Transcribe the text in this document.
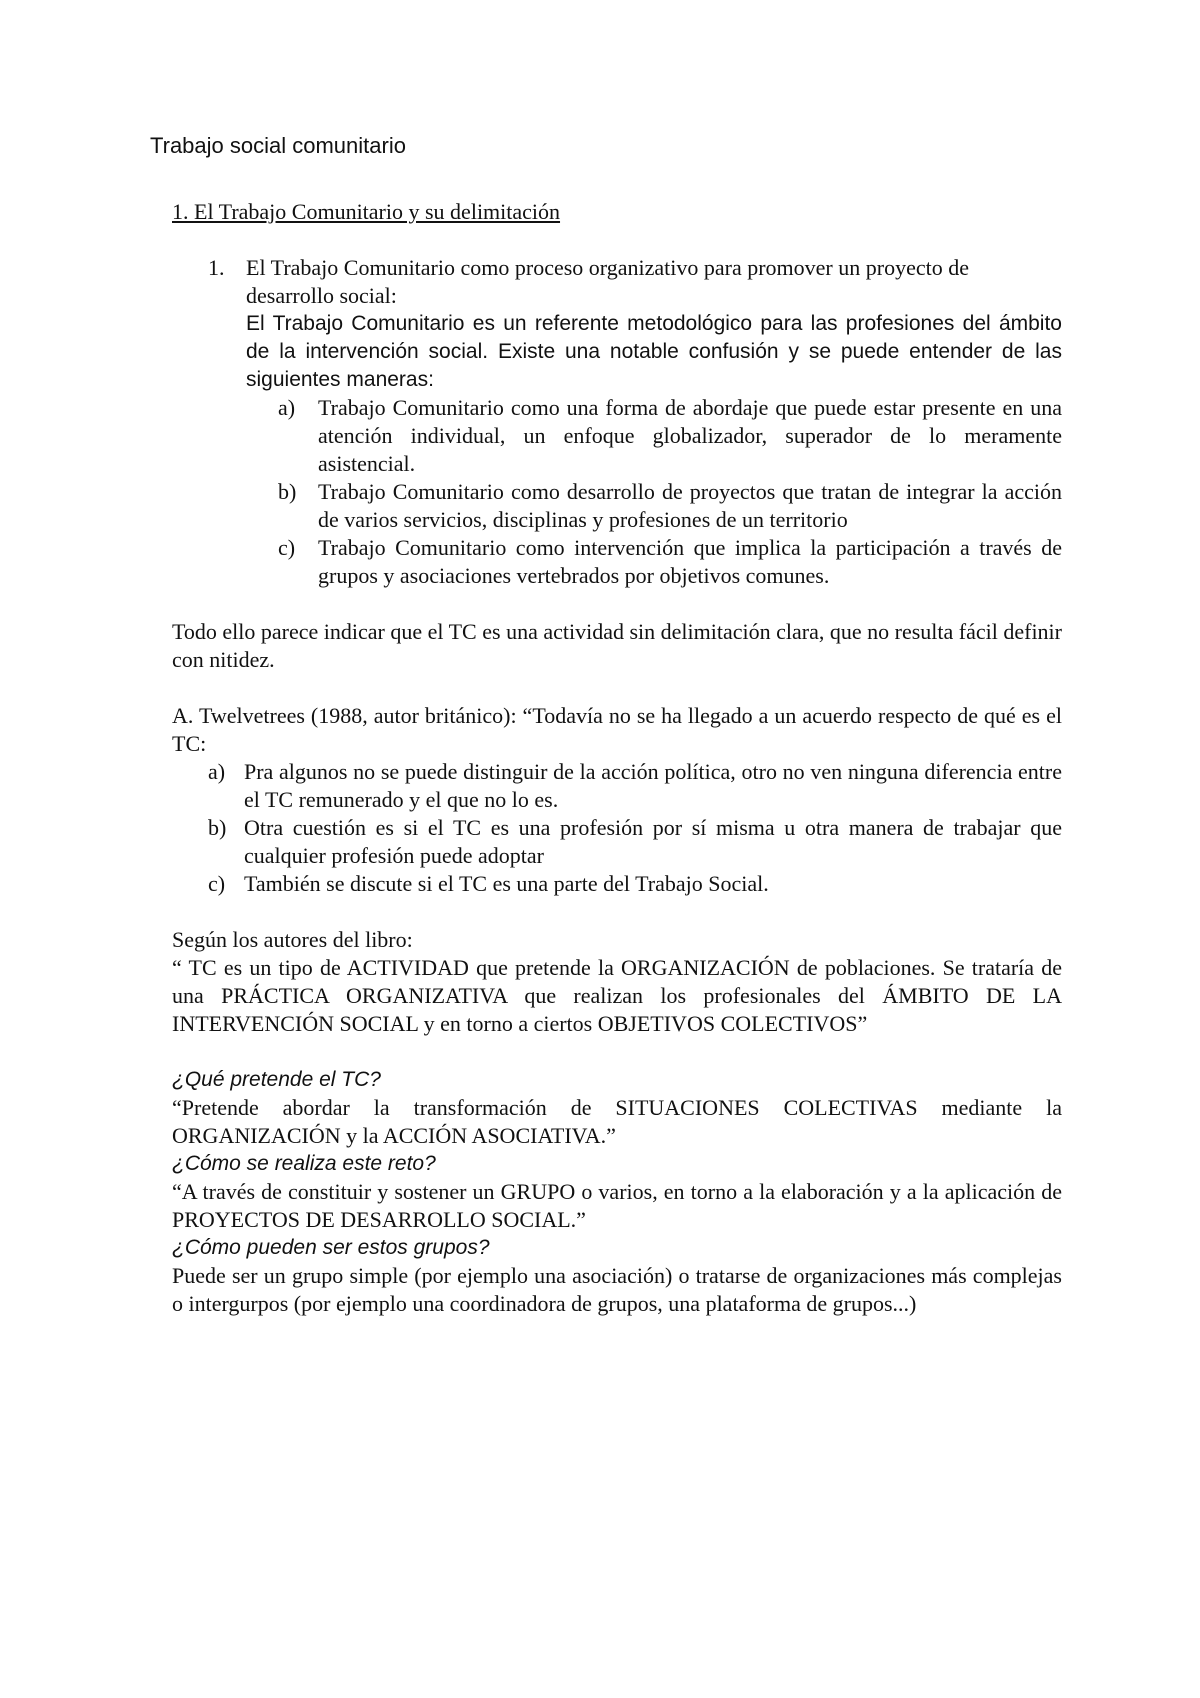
Trabajo social comunitario
1. El Trabajo Comunitario y su delimitación
1. El Trabajo Comunitario como proceso organizativo para promover un proyecto de desarrollo social:

El Trabajo Comunitario es un referente metodológico para las profesiones del ámbito de la intervención social. Existe una notable confusión y se puede entender de las siguientes maneras:

a) Trabajo Comunitario como una forma de abordaje que puede estar presente en una atención individual, un enfoque globalizador, superador de lo meramente asistencial.

b) Trabajo Comunitario como desarrollo de proyectos que tratan de integrar la acción de varios servicios, disciplinas y profesiones de un territorio

c) Trabajo Comunitario como intervención que implica la participación a través de grupos y asociaciones vertebrados por objetivos comunes.

Todo ello parece indicar que el TC es una actividad sin delimitación clara, que no resulta fácil definir con nitidez.

A. Twelvetrees (1988, autor británico): “Todavía no se ha llegado a un acuerdo respecto de qué es el TC:

a) Pra algunos no se puede distinguir de la acción política, otro no ven ninguna diferencia entre el TC remunerado y el que no lo es.

b) Otra cuestión es si el TC es una profesión por sí misma u otra manera de trabajar que cualquier profesión puede adoptar

c) También se discute si el TC es una parte del Trabajo Social.

Según los autores del libro:

“ TC es un tipo de ACTIVIDAD que pretende la ORGANIZACIÓN de poblaciones. Se trataría de una PRÁCTICA ORGANIZATIVA que realizan los profesionales del ÁMBITO DE LA INTERVENCIÓN SOCIAL y en torno a ciertos OBJETIVOS COLECTIVOS”

¿Qué pretende el TC?

“Pretende abordar la transformación de SITUACIONES COLECTIVAS mediante la ORGANIZACIÓN y la ACCIÓN ASOCIATIVA.”

¿Cómo se realiza este reto?

“A través de constituir y sostener un GRUPO o varios, en torno a la elaboración y a la aplicación de PROYECTOS DE DESARROLLO SOCIAL.”

¿Cómo pueden ser estos grupos?

Puede ser un grupo simple (por ejemplo una asociación) o tratarse de organizaciones más complejas o intergurpos (por ejemplo una coordinadora de grupos, una plataforma de grupos...)
